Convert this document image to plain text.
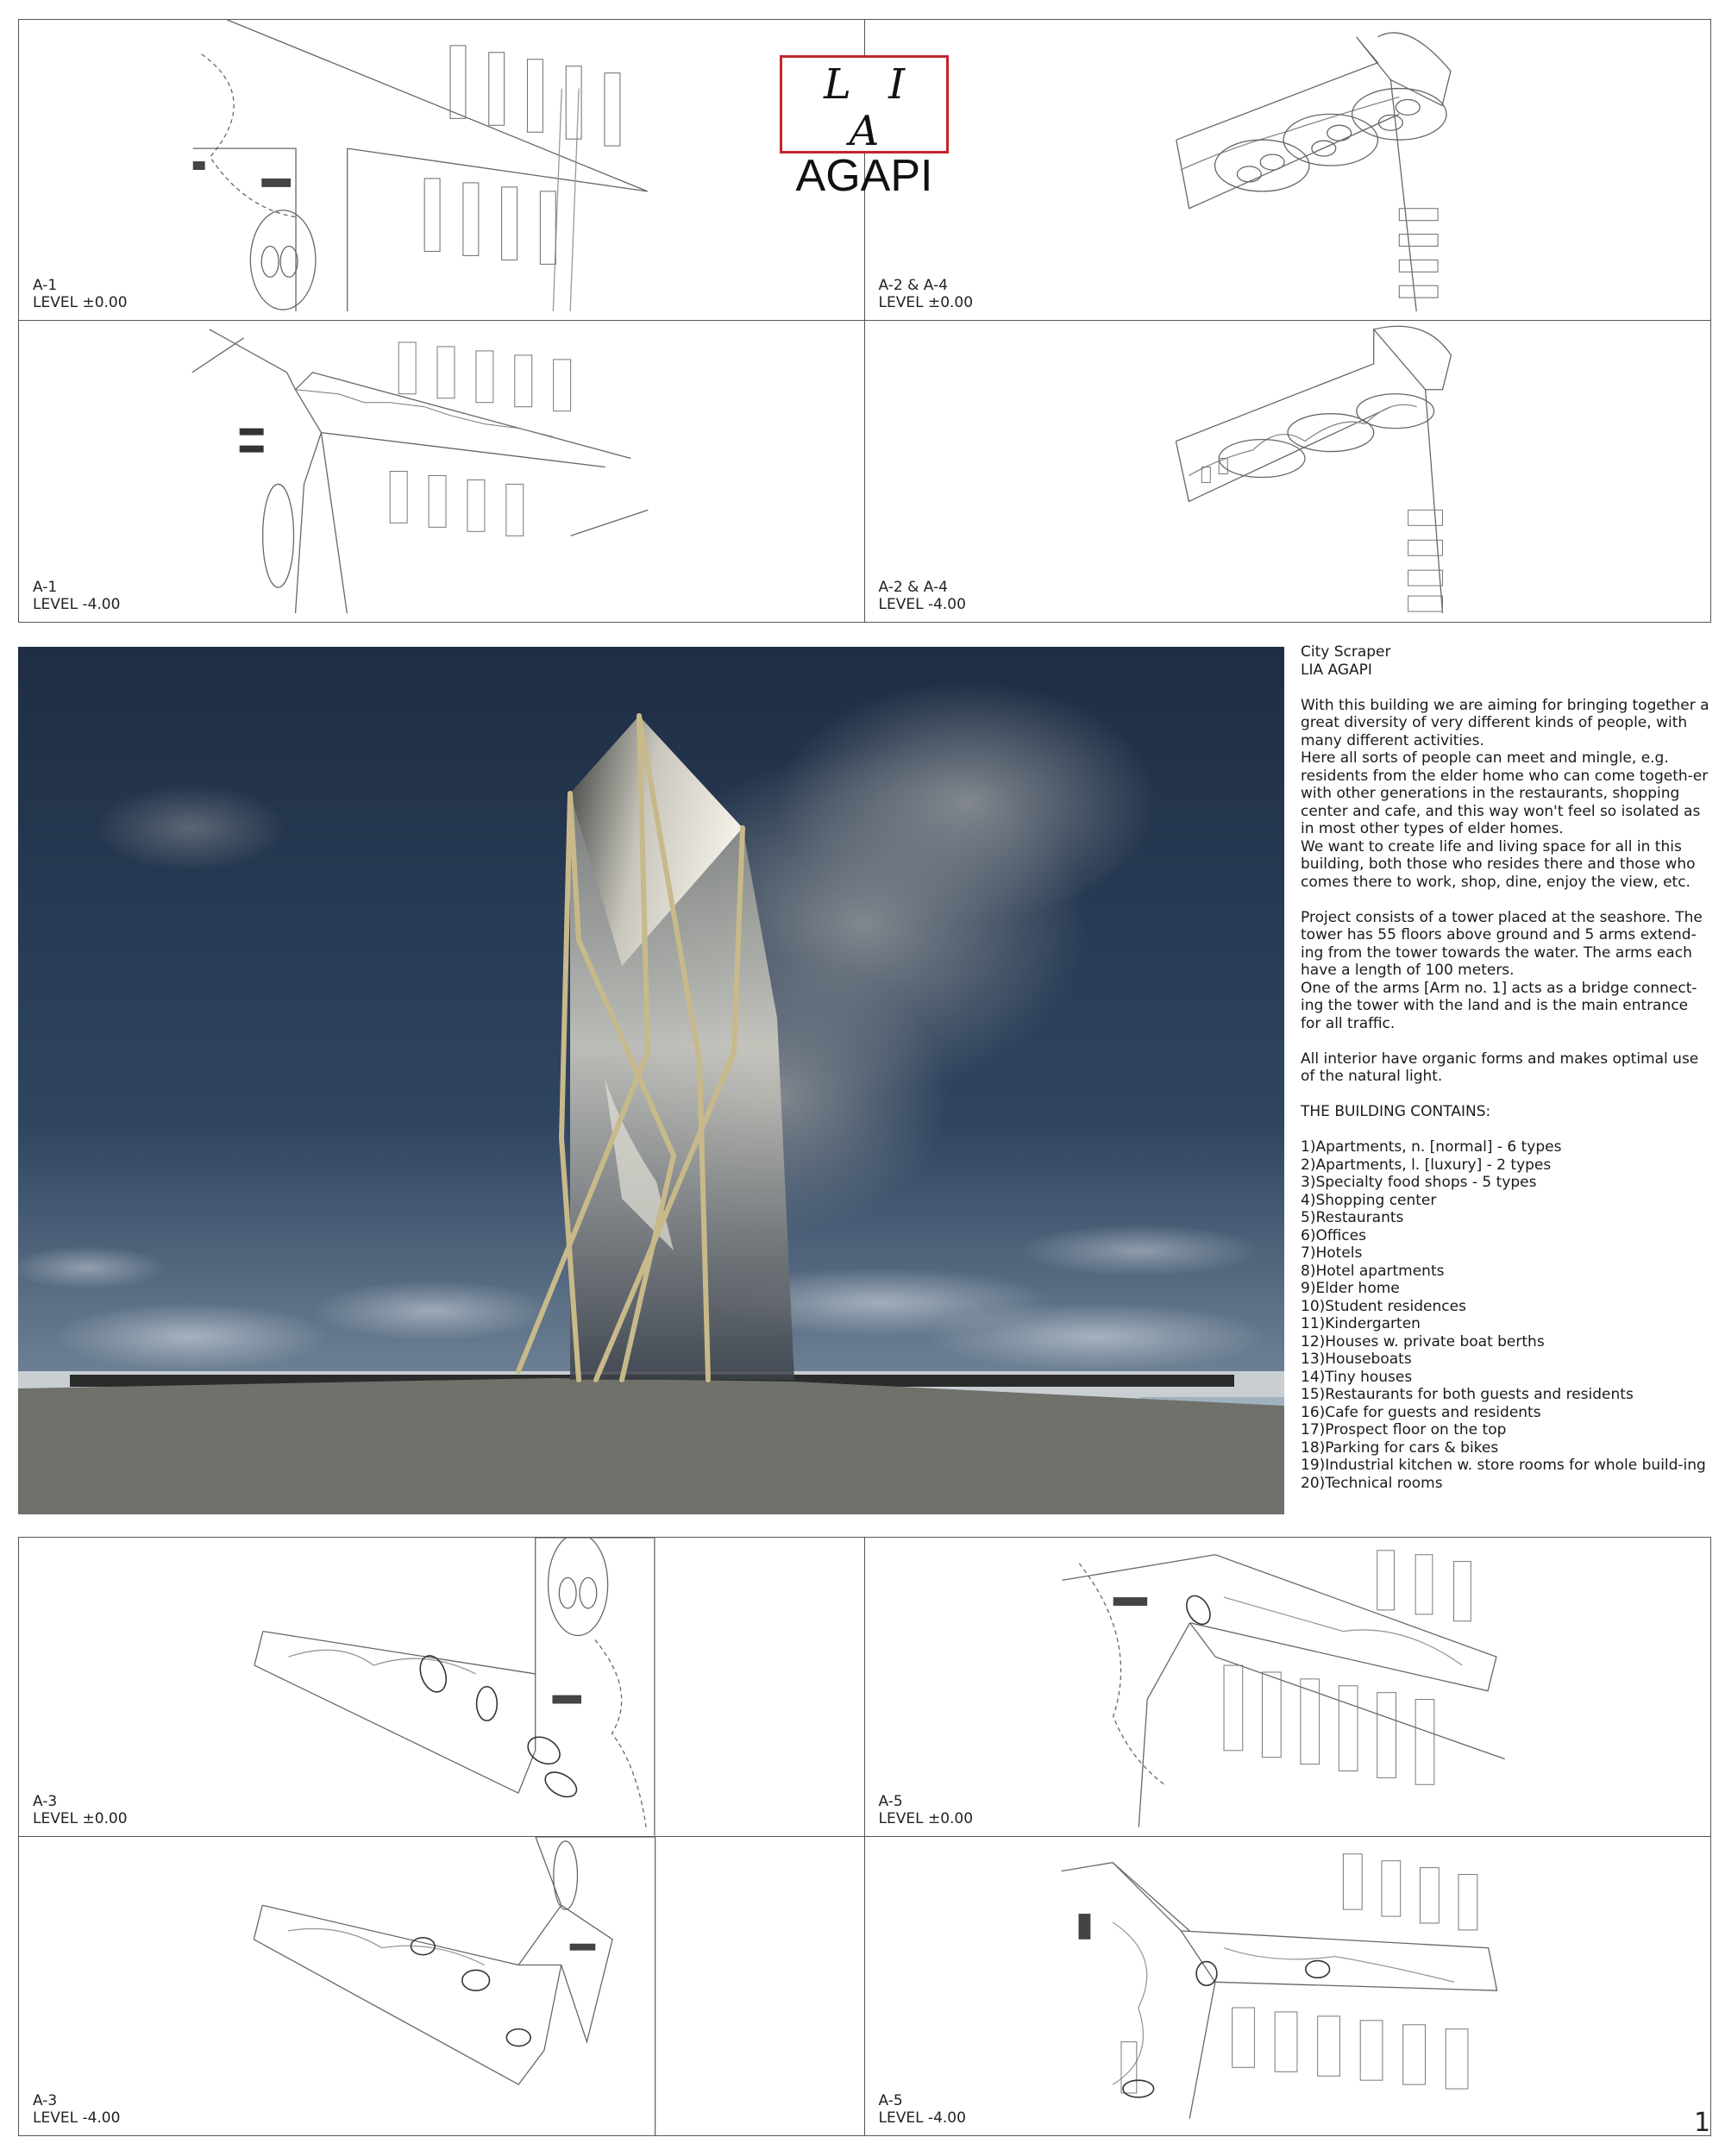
A-1
LEVEL ±0.00
A-2 & A-4
LEVEL ±0.00
A-1
LEVEL -4.00
A-2 & A-4
LEVEL -4.00
L I A
AGAPI

City Scraper

LIA AGAPI

With this building we are aiming for bringing together a great diversity of very different kinds of people, with many different activities.

Here all sorts of people can meet and mingle, e.g. residents from the elder home who can come togeth-er with other generations in the restaurants, shopping center and cafe, and this way won't feel so isolated as in most other types of elder homes.

We want to create life and living space for all in this building, both those who resides there and those who comes there to work, shop, dine, enjoy the view, etc.

Project consists of a tower placed at the seashore. The tower has 55 floors above ground and 5 arms extend-ing from the tower towards the water. The arms each have a length of 100 meters.

One of the arms [Arm no. 1] acts as a bridge connect-ing the tower with the land and is the main entrance for all traffic.

All interior have organic forms and makes optimal use of the natural light.

THE BUILDING CONTAINS:

1)Apartments, n. [normal] - 6 types
2)Apartments, l. [luxury] - 2 types
3)Specialty food shops - 5 types
4)Shopping center
5)Restaurants
6)Offices
7)Hotels
8)Hotel apartments
9)Elder home
10)Student residences
11)Kindergarten
12)Houses w. private boat berths
13)Houseboats
14)Tiny houses
15)Restaurants for both guests and residents
16)Cafe for guests and residents
17)Prospect floor on the top
18)Parking for cars & bikes
19)Industrial kitchen w. store rooms for whole build-ing
20)Technical rooms
A-3
LEVEL ±0.00
A-5
LEVEL ±0.00
A-3
LEVEL -4.00
A-5
LEVEL -4.00	1
